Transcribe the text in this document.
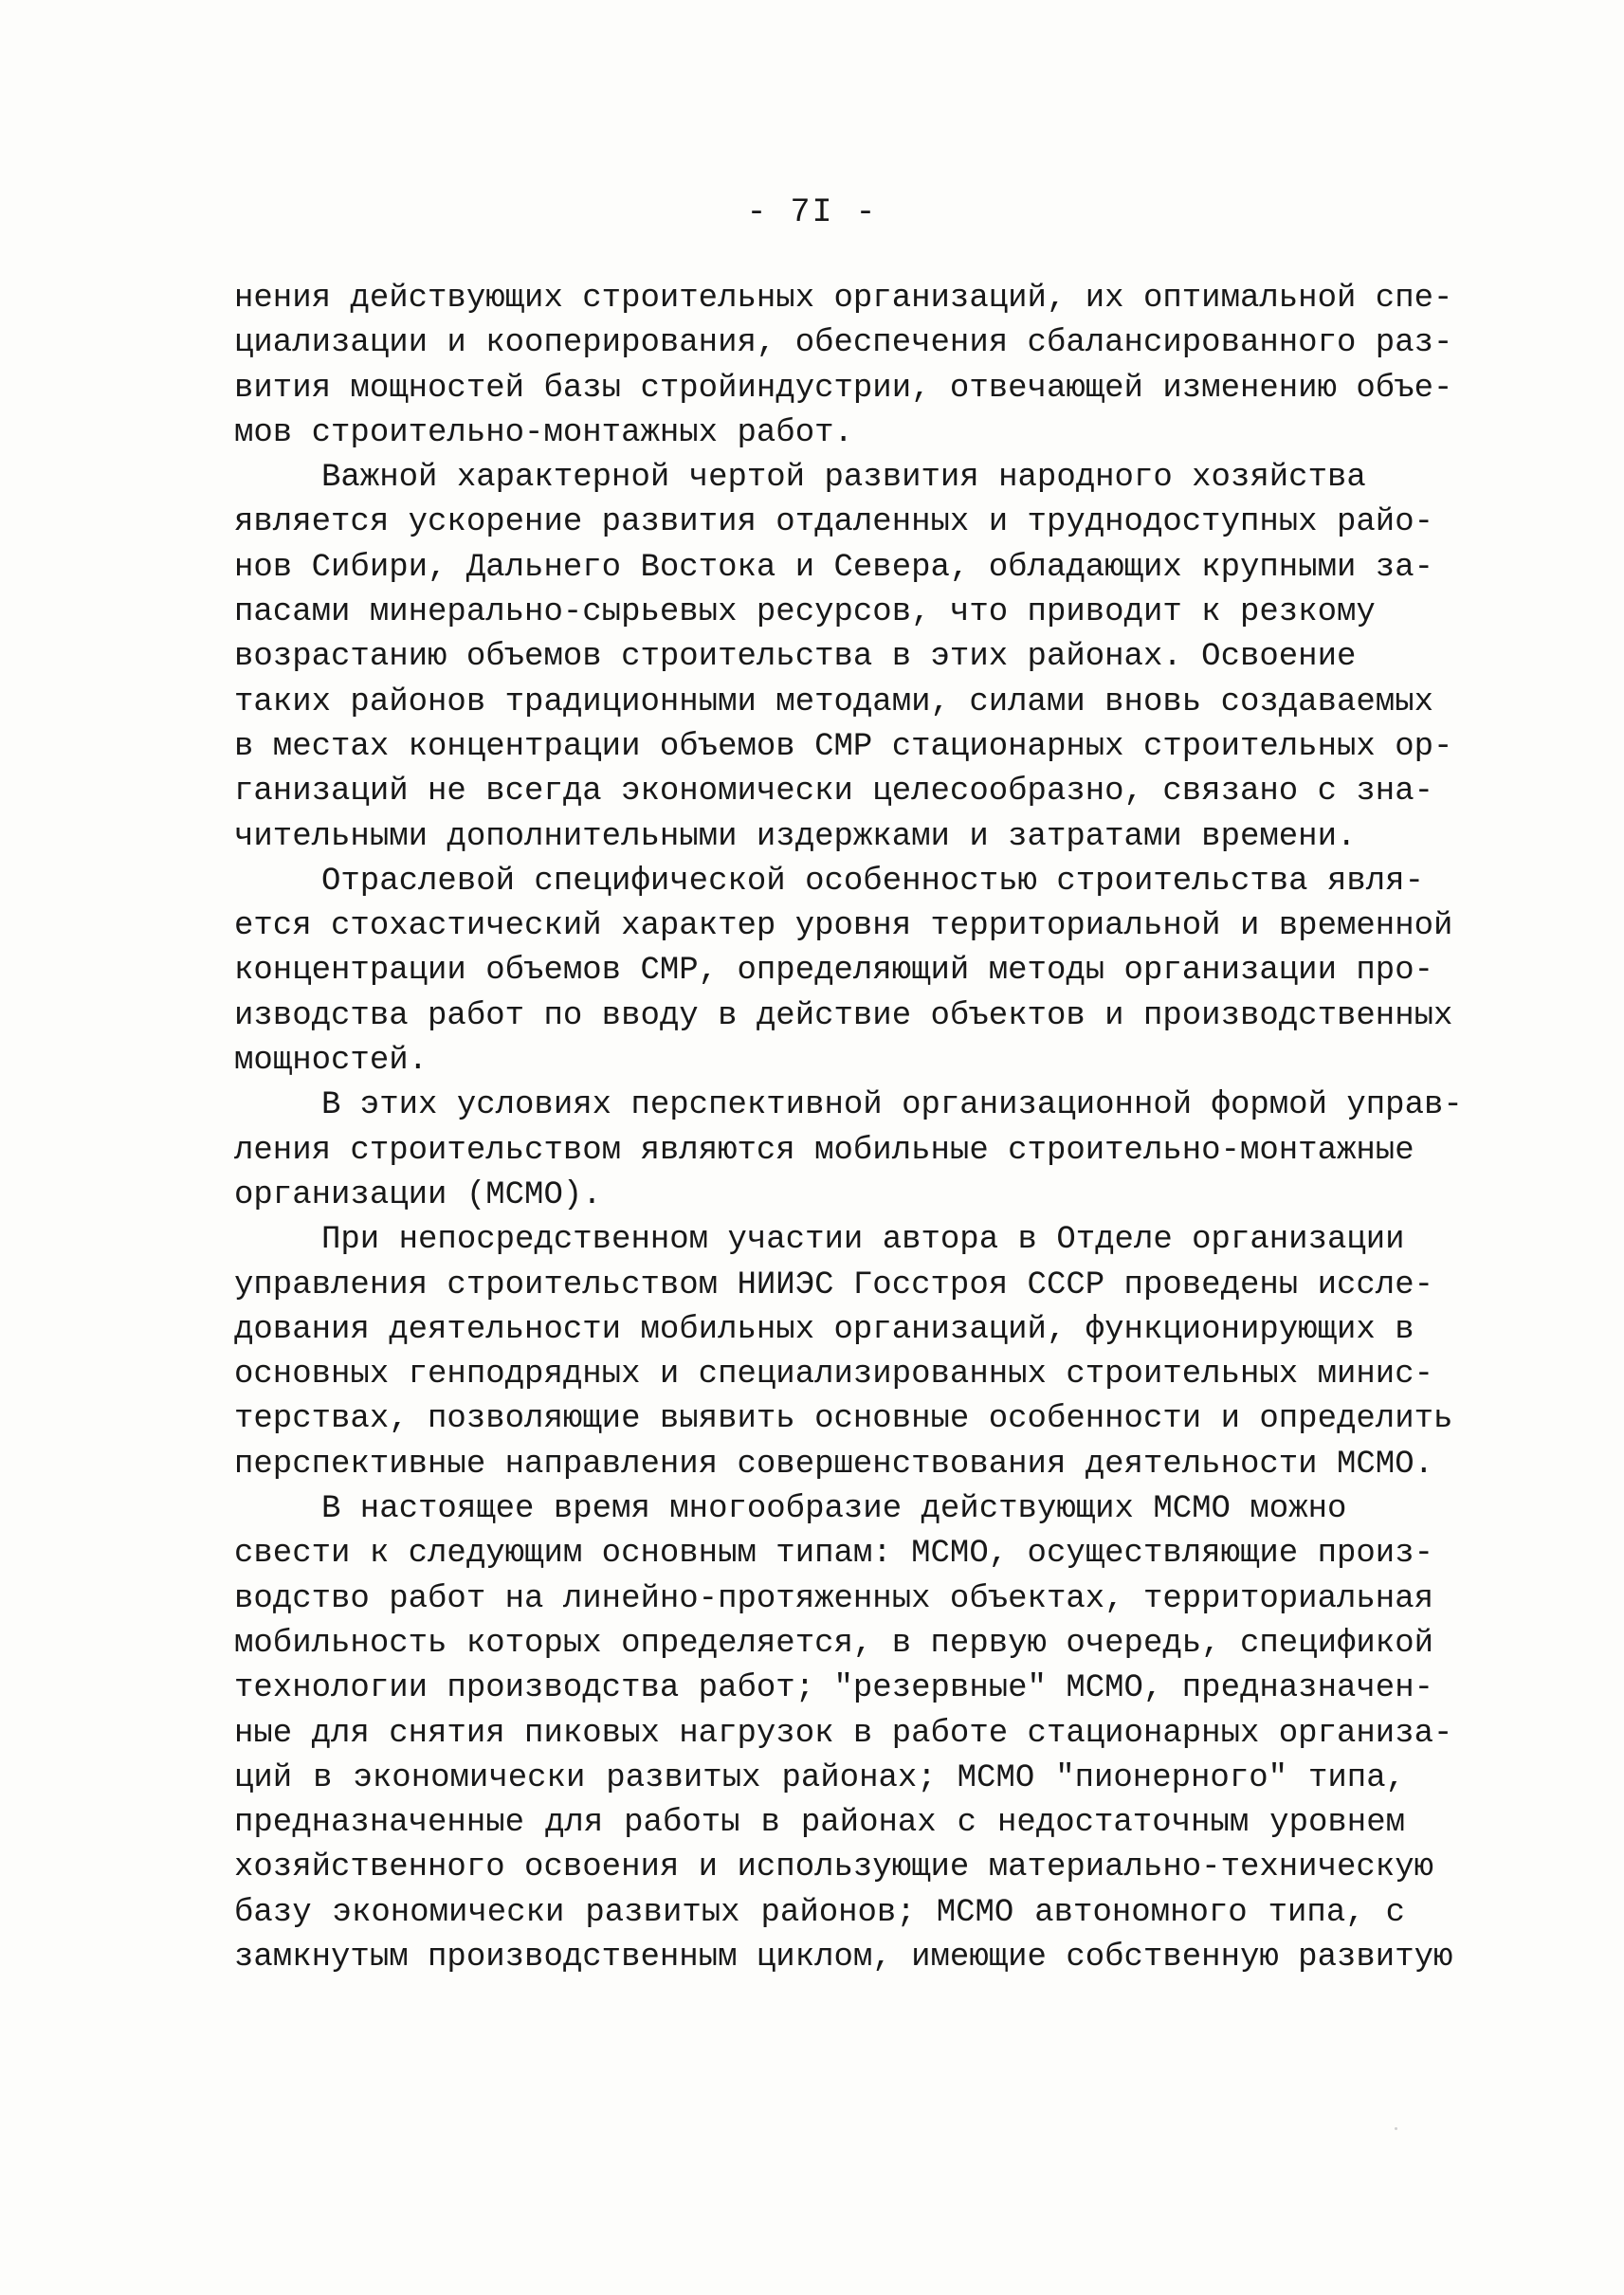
- 7I -
нения действующих строительных организаций, их оптимальной спе-
циализации и кооперирования, обеспечения сбалансированного раз-
вития мощностей базы стройиндустрии, отвечающей изменению объе-
мов строительно-монтажных работ.
Важной характерной чертой развития народного хозяйства
является ускорение развития отдаленных и труднодоступных райо-
нов Сибири, Дальнего Востока и Севера, обладающих крупными за-
пасами минерально-сырьевых ресурсов, что приводит к резкому
возрастанию объемов строительства в этих районах. Освоение
таких районов традиционными методами, силами вновь создаваемых
в местах концентрации объемов СМР стационарных строительных ор-
ганизаций не всегда экономически целесообразно, связано с зна-
чительными дополнительными издержками и затратами времени.
Отраслевой специфической особенностью строительства явля-
ется стохастический характер уровня территориальной и временной
концентрации объемов СМР, определяющий методы организации про-
изводства работ по вводу в действие объектов и производственных
мощностей.
В этих условиях перспективной организационной формой управ-
ления строительством являются мобильные строительно-монтажные
организации (МСМО).
При непосредственном участии автора в Отделе организации
управления строительством НИИЭС Госстроя СССР проведены иссле-
дования деятельности мобильных организаций, функционирующих в
основных генподрядных и специализированных строительных минис-
терствах, позволяющие выявить основные особенности и определить
перспективные направления совершенствования деятельности МСМО.
В настоящее время многообразие действующих МСМО можно
свести к следующим основным типам: МСМО, осуществляющие произ-
водство работ на линейно-протяженных объектах, территориальная
мобильность которых определяется, в первую очередь, спецификой
технологии производства работ; "резервные" МСМО, предназначен-
ные для снятия пиковых нагрузок в работе стационарных организа-
ций в экономически развитых районах; МСМО "пионерного" типа,
предназначенные для работы в районах с недостаточным уровнем
хозяйственного освоения и использующие материально-техническую
базу экономически развитых районов; МСМО автономного типа, с
замкнутым производственным циклом, имеющие собственную развитую
